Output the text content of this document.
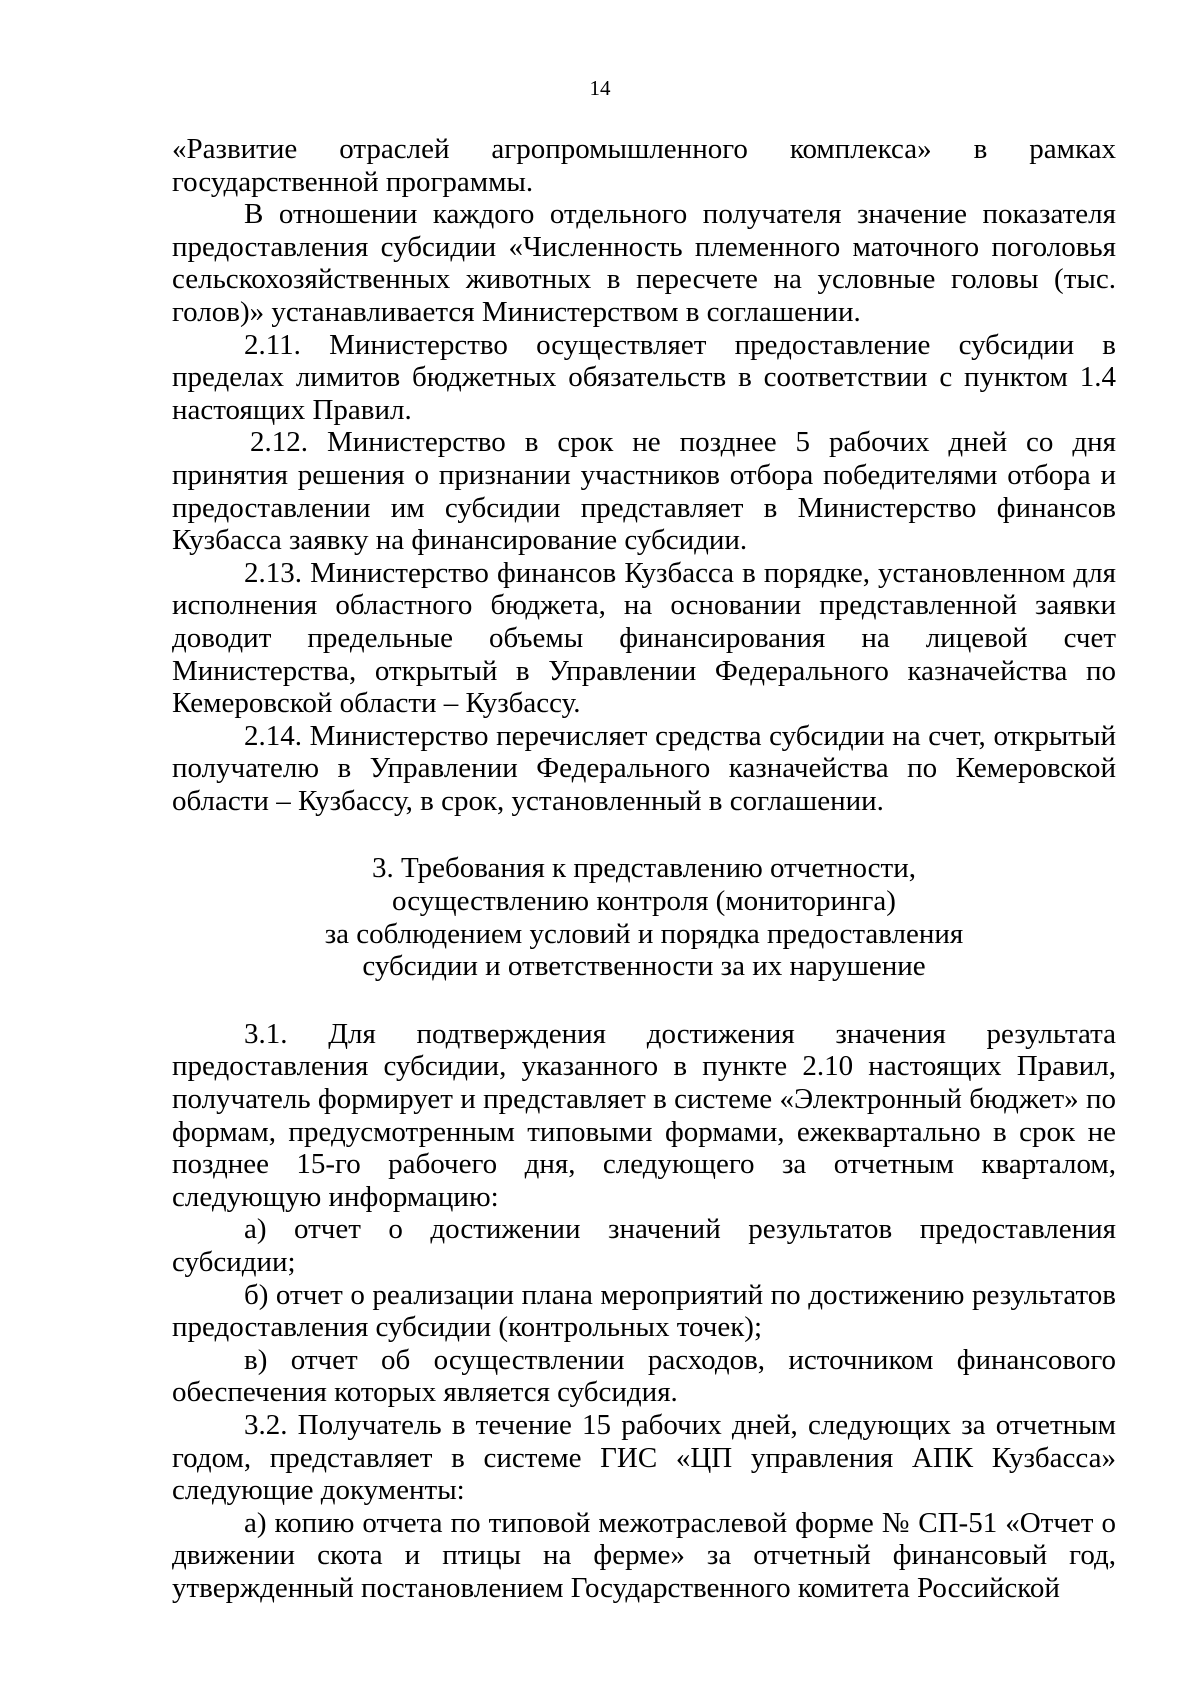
14

«Развитие отраслей агропромышленного комплекса» в рамках государственной программы.

В отношении каждого отдельного получателя значение показателя предоставления субсидии «Численность племенного маточного поголовья сельскохозяйственных животных в пересчете на условные головы (тыс. голов)» устанавливается Министерством в соглашении.

2.11. Министерство осуществляет предоставление субсидии в пределах лимитов бюджетных обязательств в соответствии с пунктом 1.4 настоящих Правил.

2.12. Министерство в срок не позднее 5 рабочих дней со дня принятия решения о признании участников отбора победителями отбора и предоставлении им субсидии представляет в Министерство финансов Кузбасса заявку на финансирование субсидии.

2.13. Министерство финансов Кузбасса в порядке, установленном для исполнения областного бюджета, на основании представленной заявки доводит предельные объемы финансирования на лицевой счет Министерства, открытый в Управлении Федерального казначейства по Кемеровской области – Кузбассу.

2.14. Министерство перечисляет средства субсидии на счет, открытый получателю в Управлении Федерального казначейства по Кемеровской области – Кузбассу, в срок, установленный в соглашении.

3. Требования к представлению отчетности,
осуществлению контроля (мониторинга)
за соблюдением условий и порядка предоставления
субсидии и ответственности за их нарушение

3.1. Для подтверждения достижения значения результата предоставления субсидии, указанного в пункте 2.10 настоящих Правил, получатель формирует и представляет в системе «Электронный бюджет» по формам, предусмотренным типовыми формами, ежеквартально в срок не позднее 15-го рабочего дня, следующего за отчетным кварталом, следующую информацию:

а) отчет о достижении значений результатов предоставления субсидии;

б) отчет о реализации плана мероприятий по достижению результатов предоставления субсидии (контрольных точек);

в) отчет об осуществлении расходов, источником финансового обеспечения которых является субсидия.

3.2. Получатель в течение 15 рабочих дней, следующих за отчетным годом, представляет в системе ГИС «ЦП управления АПК Кузбасса» следующие документы:

а) копию отчета по типовой межотраслевой форме № СП-51 «Отчет о движении скота и птицы на ферме» за отчетный финансовый год, утвержденный постановлением Государственного комитета Российской
